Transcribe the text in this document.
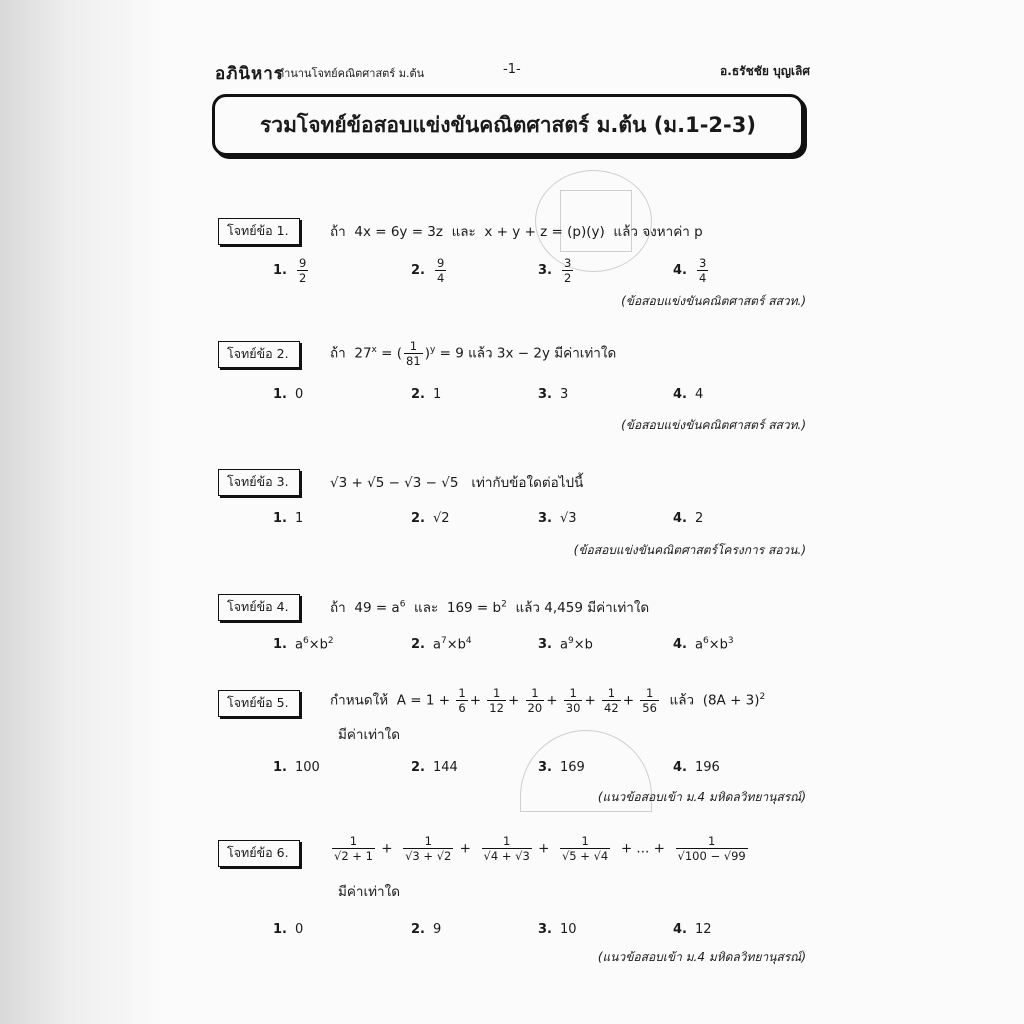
อภินิหาร
ตำนานโจทย์คณิตศาสตร์ ม.ต้น	-1-	อ.ธรัชชัย บุญเลิศ
รวมโจทย์ข้อสอบแข่งขันคณิตศาสตร์ ม.ต้น (ม.1-2-3)
โจทย์ข้อ 1.	ถ้า 4x = 6y = 3z และ x + y + z = (p)(y) แล้ว จงหาค่า p
1. $\frac{9}{2}$	2. $\frac{9}{4}$	3. $\frac{3}{2}$	4. $\frac{3}{4}$
(ข้อสอบแข่งขันคณิตศาสตร์ สสวท.)
โจทย์ข้อ 2.	ถ้า $27^x$ = ( $\frac{1}{81} )^y = 9$ แล้ว 3x − 2y มีค่าเท่าใด
1. 0	2. 1	3. 3	4. 4
(ข้อสอบแข่งขันคณิตศาสตร์ สสวท.)
โจทย์ข้อ 3.	√3 + √5 − √3 − √5 เท่ากับข้อใดต่อไปนี้
1. 1	2. √2	3. √3	4. 2
(ข้อสอบแข่งขันคณิตศาสตร์โครงการ สอวน.)
โจทย์ข้อ 4.	ถ้า $49 = a^6$ และ $169 = b^2$ แล้ว 4,459 มีค่าเท่าใด
1. $a^6\times b^2$	2. $a^7\times b^4$	3. $a^9\times b$	4. $a^6\times b^3$
โจทย์ข้อ 5.	กำหนดให้ $A = 1 + \frac{1}{6} + \frac{1}{12} + \frac{1}{20} + \frac{1}{30} + \frac{1}{42} + \frac{1}{56}$ แล้ว $(8A + 3)^2$
มีค่าเท่าใด
1. 100	2. 144	3. 169	4. 196
(แนวข้อสอบเข้า ม.4 มหิดลวิทยานุสรณ์)
โจทย์ข้อ 6.	$\frac{1}{√2 + 1} + \frac{1}{√3 + √2} + \frac{1}{√4 + √3} + \frac{1}{√5 + √4}$ + ... + $\frac{1}{√100 - √99}$
มีค่าเท่าใด
1. 0	2. 9	3. 10	4. 12
(แนวข้อสอบเข้า ม.4 มหิดลวิทยานุสรณ์)
